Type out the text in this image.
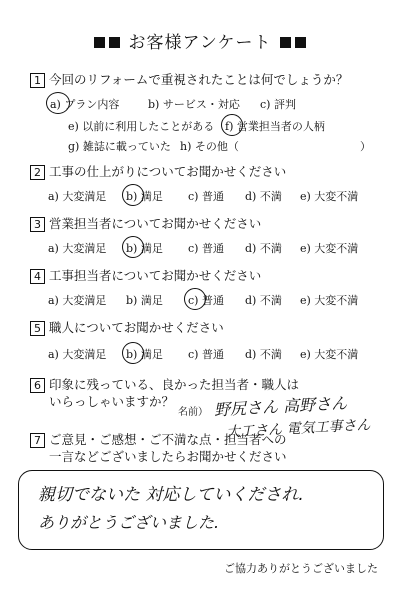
お客様アンケート
1 今回のリフォームで重視されたことは何でしょうか？
a) プラン内容	b) サービス・対応 c) 評判
e) 以前に利用したことがある f) 営業担当者の人柄
g) 雑誌に載っていた h) その他（	）
2 工事の仕上がりについてお聞かせください
a) 大変満足 b) 満足 c) 普通 d) 不満 e) 大変不満
3 営業担当者についてお聞かせください
a) 大変満足 b) 満足 c) 普通 d) 不満 e) 大変不満
4 工事担当者についてお聞かせください
a) 大変満足 b) 満足 c) 普通 d) 不満 e) 大変不満
5 職人についてお聞かせください
a) 大変満足 b) 満足 c) 普通 d) 不満 e) 大変不満
6 印象に残っている、良かった担当者・職人は
いらっしゃいますか？
名前） 野尻さん 高野さん
大工さん 電気工事さん
7 ご意見・ご感想・ご不満な点・担当者への
一言などございましたらお聞かせください
親切でないた 対応していくだされ.
ありがとうございました.
ご協力ありがとうございました
